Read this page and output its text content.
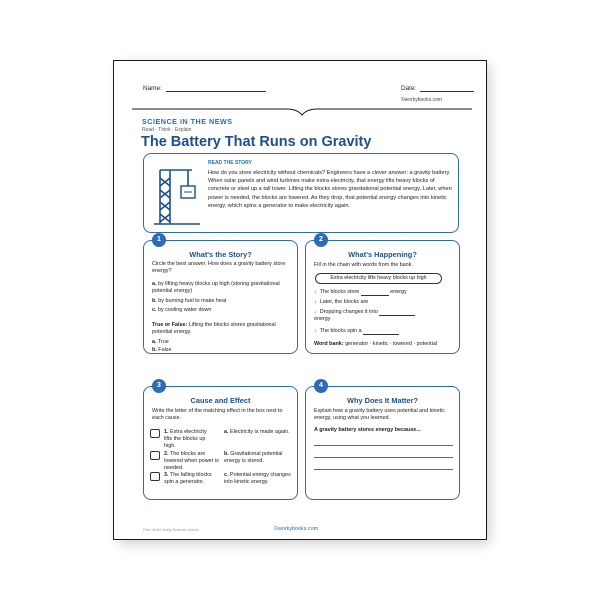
Name:	Date:
©workybooks.com
SCIENCE IN THE NEWS
Read · Think · Explain
The Battery That Runs on Gravity
READ THE STORY
How do you store electricity without chemicals? Engineers have a clever answer: a gravity battery. When solar panels and wind turbines make extra electricity, that energy lifts heavy blocks of concrete or steel up a tall tower. Lifting the blocks stores gravitational potential energy. Later, when power is needed, the blocks are lowered. As they drop, that potential energy changes into kinetic energy, which spins a generator to make electricity again.
1
What's the Story?
Circle the best answer. How does a gravity battery store energy?
a. by lifting heavy blocks up high (storing gravitational potential energy)
b. by burning fuel to make heat
c. by cooling water down
True or False: Lifting the blocks stores gravitational potential energy.
a. True
b. False
2
What's Happening?
Fill in the chain with words from the bank.
Extra electricity lifts heavy blocks up high
↓ The blocks store	energy
↓ Later, the blocks are
↓ Dropping changes it into
energy
↓ The blocks spin a
Word bank: generator · kinetic · lowered · potential
3
Cause and Effect
Write the letter of the matching effect in the box next to each cause.
1. Extra electricity lifts the blocks up high.
a. Electricity is made again.
2. The blocks are lowered when power is needed.
b. Gravitational potential energy is stored.
3. The falling blocks spin a generator.
c. Potential energy changes into kinetic energy.
4
Why Does It Matter?
Explain how a gravity battery uses potential and kinetic energy, using what you learned.
A gravity battery stores energy because...
Part of the Daily Science series	©workybooks.com
